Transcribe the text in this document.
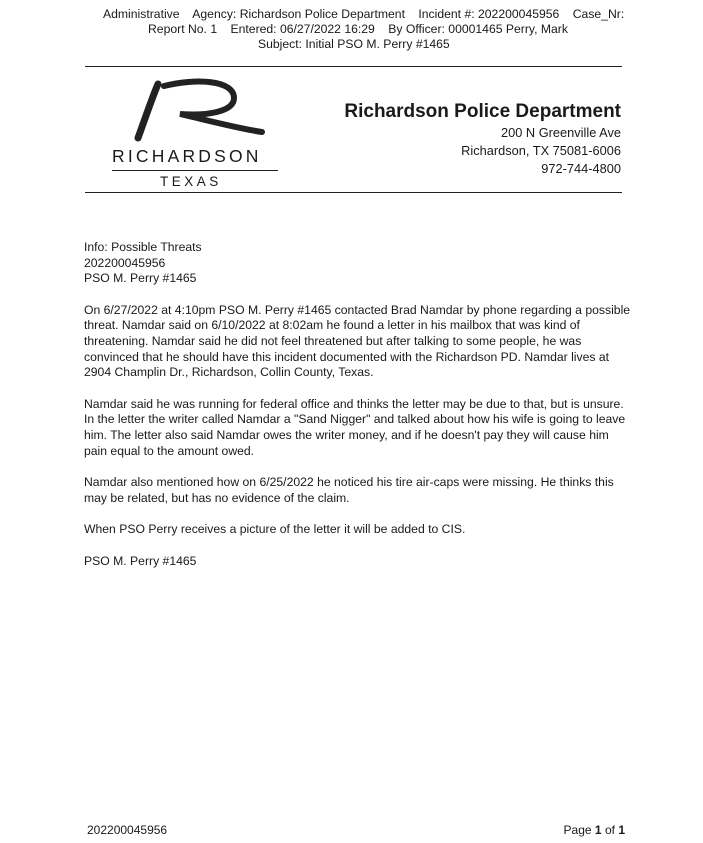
Administrative Agency: Richardson Police Department Incident #: 202200045956 Case_Nr:
Report No. 1 Entered: 06/27/2022 16:29 By Officer: 00001465 Perry, Mark
Subject: Initial PSO M. Perry #1465
RICHARDSON
TEXAS
Richardson Police Department
200 N Greenville Ave
Richardson, TX 75081-6006
972-744-4800
Info: Possible Threats
202200045956
PSO M. Perry #1465

On 6/27/2022 at 4:10pm PSO M. Perry #1465 contacted Brad Namdar by phone regarding a possible threat. Namdar said on 6/10/2022 at 8:02am he found a letter in his mailbox that was kind of threatening. Namdar said he did not feel threatened but after talking to some people, he was convinced that he should have this incident documented with the Richardson PD. Namdar lives at 2904 Champlin Dr., Richardson, Collin County, Texas.

Namdar said he was running for federal office and thinks the letter may be due to that, but is unsure. In the letter the writer called Namdar a "Sand Nigger" and talked about how his wife is going to leave him. The letter also said Namdar owes the writer money, and if he doesn't pay they will cause him pain equal to the amount owed.

Namdar also mentioned how on 6/25/2022 he noticed his tire air-caps were missing. He thinks this may be related, but has no evidence of the claim.

When PSO Perry receives a picture of the letter it will be added to CIS.

PSO M. Perry #1465

202200045956	Page 1 of 1
